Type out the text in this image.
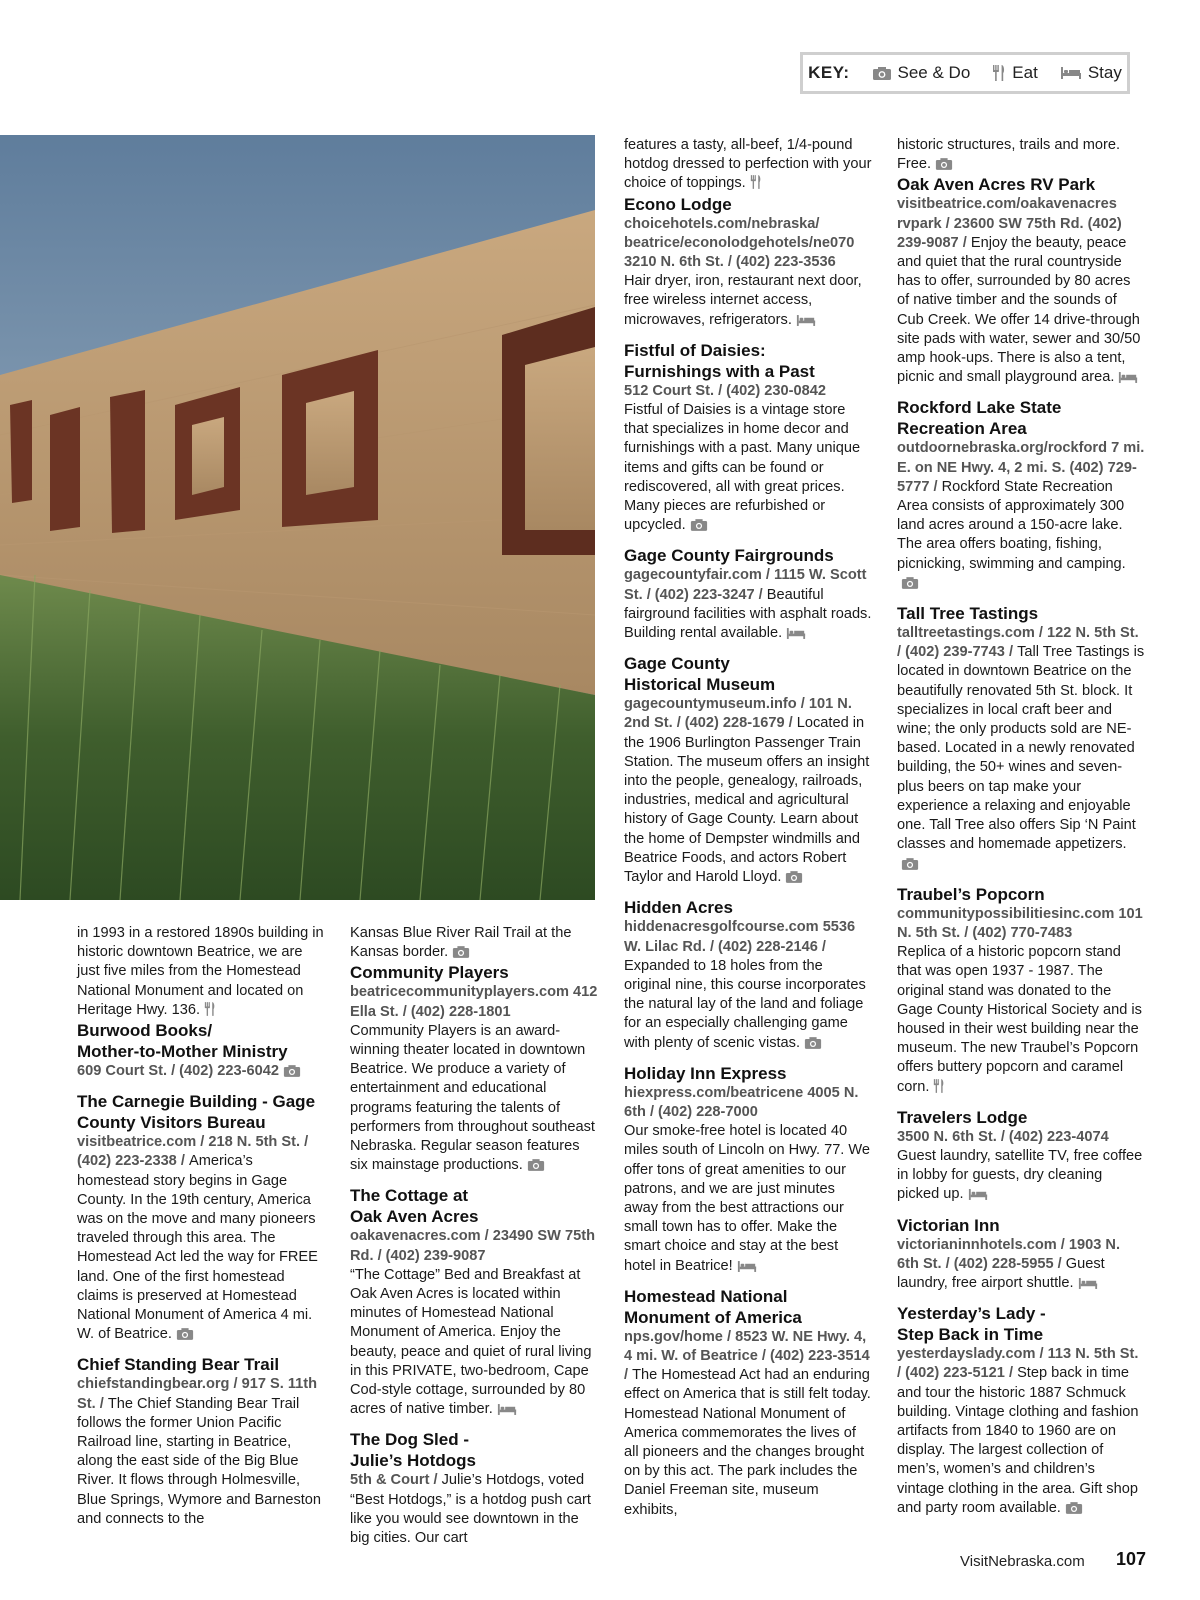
KEY:	See & Do Eat	Stay

in 1993 in a restored 1890s building in historic downtown Beatrice, we are just five miles from the Homestead National Monument and located on Heritage Hwy. 136.

Burwood Books/
Mother-to-Mother Ministry

609 Court St. / (402) 223-6042

The Carnegie Building - Gage County Visitors Bureau

visitbeatrice.com / 218 N. 5th St. / (402) 223-2338 / America’s homestead story begins in Gage County. In the 19th century, America was on the move and many pioneers traveled through this area. The Homestead Act led the way for FREE land. One of the first homestead claims is preserved at Homestead National Monument of America 4 mi. W. of Beatrice.

Chief Standing Bear Trail

chiefstandingbear.org / 917 S. 11th St. / The Chief Standing Bear Trail follows the former Union Pacific Railroad line, starting in Beatrice, along the east side of the Big Blue River. It flows through Holmesville, Blue Springs, Wymore and Barneston and connects to the

Kansas Blue River Rail Trail at the Kansas border.

Community Players

beatricecommunityplayers.com 412 Ella St. / (402) 228-1801

Community Players is an award-winning theater located in downtown Beatrice. We produce a variety of entertainment and educational programs featuring the talents of performers from throughout southeast Nebraska. Regular season features six mainstage productions.

The Cottage at
Oak Aven Acres

oakavenacres.com / 23490 SW 75th Rd. / (402) 239-9087

“The Cottage” Bed and Breakfast at Oak Aven Acres is located within minutes of Homestead National Monument of America. Enjoy the beauty, peace and quiet of rural living in this PRIVATE, two-bedroom, Cape Cod-style cottage, surrounded by 80 acres of native timber.

The Dog Sled -
Julie’s Hotdogs

5th & Court / Julie’s Hotdogs, voted “Best Hotdogs,” is a hotdog push cart like you would see downtown in the big cities. Our cart

features a tasty, all-beef, 1/4-pound hotdog dressed to perfection with your choice of toppings.

Econo Lodge

choicehotels.com/nebraska/ beatrice/econolodgehotels/ne070 3210 N. 6th St. / (402) 223-3536

Hair dryer, iron, restaurant next door, free wireless internet access, microwaves, refrigerators.

Fistful of Daisies:
Furnishings with a Past

512 Court St. / (402) 230-0842

Fistful of Daisies is a vintage store that specializes in home decor and furnishings with a past. Many unique items and gifts can be found or rediscovered, all with great prices. Many pieces are refurbished or upcycled.

Gage County Fairgrounds

gagecountyfair.com / 1115 W. Scott St. / (402) 223-3247 / Beautiful fairground facilities with asphalt roads. Building rental available.

Gage County
Historical Museum

gagecountymuseum.info / 101 N. 2nd St. / (402) 228-1679 / Located in the 1906 Burlington Passenger Train Station. The museum offers an insight into the people, genealogy, railroads, industries, medical and agricultural history of Gage County. Learn about the home of Dempster windmills and Beatrice Foods, and actors Robert Taylor and Harold Lloyd.

Hidden Acres

hiddenacresgolfcourse.com 5536 W. Lilac Rd. / (402) 228-2146 / Expanded to 18 holes from the original nine, this course incorporates the natural lay of the land and foliage for an especially challenging game with plenty of scenic vistas.

Holiday Inn Express

hiexpress.com/beatricene 4005 N. 6th / (402) 228-7000

Our smoke-free hotel is located 40 miles south of Lincoln on Hwy. 77. We offer tons of great amenities to our patrons, and we are just minutes away from the best attractions our small town has to offer. Make the smart choice and stay at the best hotel in Beatrice!

Homestead National
Monument of America

nps.gov/home / 8523 W. NE Hwy. 4, 4 mi. W. of Beatrice / (402) 223-3514 / The Homestead Act had an enduring effect on America that is still felt today. Homestead National Monument of America commemorates the lives of all pioneers and the changes brought on by this act. The park includes the Daniel Freeman site, museum exhibits,

historic structures, trails and more. Free.

Oak Aven Acres RV Park

visitbeatrice.com/oakavenacres rvpark / 23600 SW 75th Rd. (402) 239-9087 / Enjoy the beauty, peace and quiet that the rural countryside has to offer, surrounded by 80 acres of native timber and the sounds of Cub Creek. We offer 14 drive-through site pads with water, sewer and 30/50 amp hook-ups. There is also a tent, picnic and small playground area.

Rockford Lake State
Recreation Area

outdoornebraska.org/rockford 7 mi. E. on NE Hwy. 4, 2 mi. S. (402) 729-5777 / Rockford State Recreation Area consists of approximately 300 land acres around a 150-acre lake. The area offers boating, fishing, picnicking, swimming and camping.

Tall Tree Tastings

talltreetastings.com / 122 N. 5th St. / (402) 239-7743 / Tall Tree Tastings is located in downtown Beatrice on the beautifully renovated 5th St. block. It specializes in local craft beer and wine; the only products sold are NE-based. Located in a newly renovated building, the 50+ wines and seven-plus beers on tap make your experience a relaxing and enjoyable one. Tall Tree also offers Sip ‘N Paint classes and homemade appetizers.

Traubel’s Popcorn

communitypossibilitiesinc.com 101 N. 5th St. / (402) 770-7483

Replica of a historic popcorn stand that was open 1937 - 1987. The original stand was donated to the Gage County Historical Society and is housed in their west building near the museum. The new Traubel’s Popcorn offers buttery popcorn and caramel corn.

Travelers Lodge

3500 N. 6th St. / (402) 223-4074

Guest laundry, satellite TV, free coffee in lobby for guests, dry cleaning picked up.

Victorian Inn

victorianinnhotels.com / 1903 N. 6th St. / (402) 228-5955 / Guest laundry, free airport shuttle.

Yesterday’s Lady -
Step Back in Time

yesterdayslady.com / 113 N. 5th St. / (402) 223-5121 / Step back in time and tour the historic 1887 Schmuck building. Vintage clothing and fashion artifacts from 1840 to 1960 are on display. The largest collection of men’s, women’s and children’s vintage clothing in the area. Gift shop and party room available.

VisitNebraska.com 107
